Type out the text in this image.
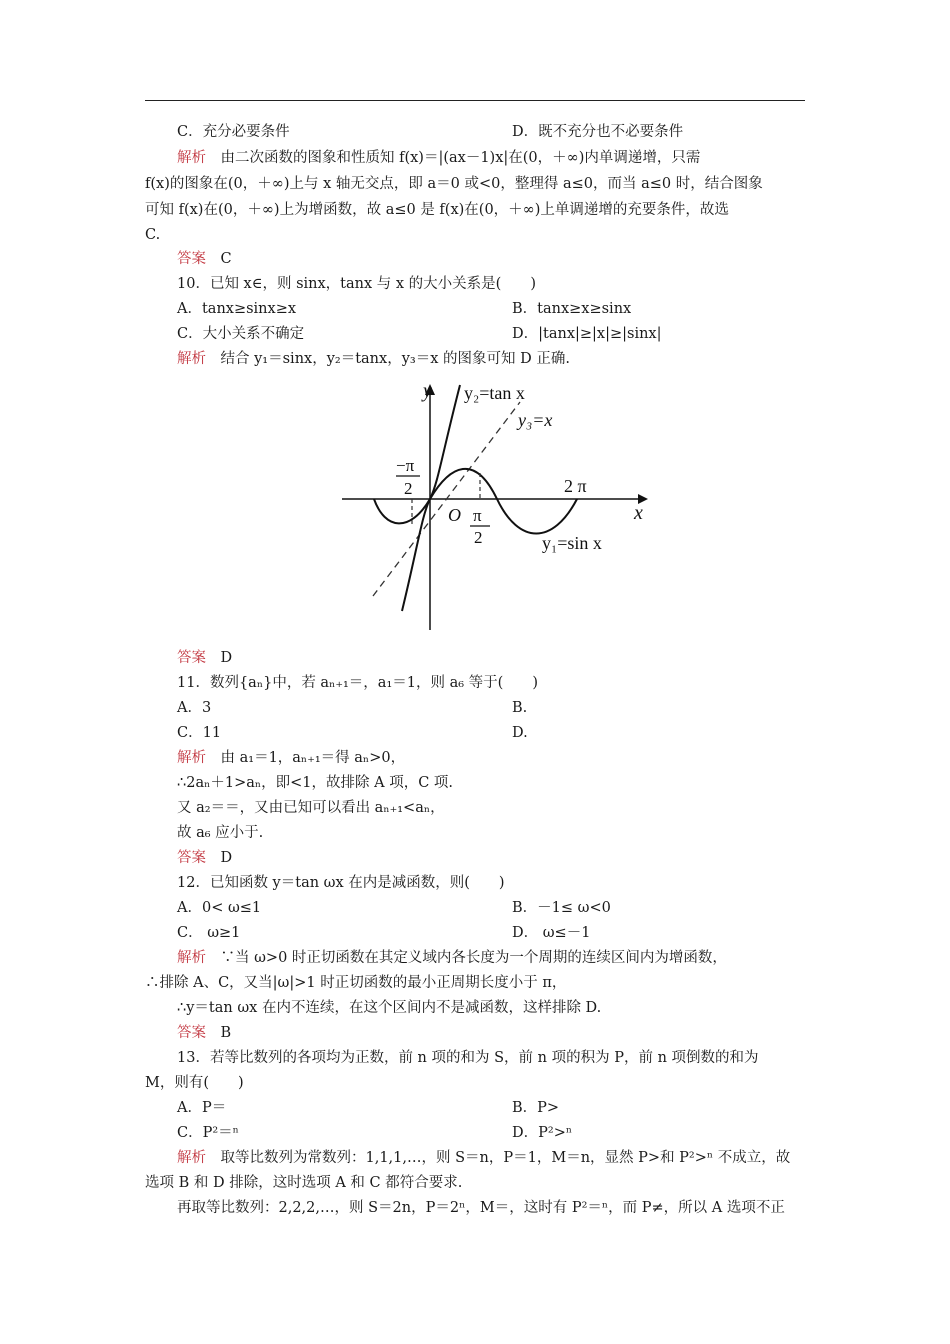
C．充分必要条件	D．既不充分也不必要条件
解析　 由二次函数的图象和性质知 f(x)＝|(ax－1)x|在(0，＋∞)内单调递增，只需
f(x)的图象在(0，＋∞)上与 x 轴无交点，即 a＝0 或<0，整理得 a≤0，而当 a≤0 时，结合图象
可知 f(x)在(0，＋∞)上为增函数，故 a≤0 是 f(x)在(0，＋∞)上单调递增的充要条件，故选
C.
答案　 C
10．已知 x∈，则 sinx，tanx 与 x 的大小关系是(　　)
A．tanx≥sinx≥x	B．tanx≥x≥sinx
C．大小关系不确定	D．|tanx|≥|x|≥|sinx|
解析　 结合 y₁＝sinx，y₂＝tanx，y₃＝x 的图象可知 D 正确.
y
x
O
y₂=tan x
y₃=x
y₁=sin x
−π
2
π
2
2 π
答案　 D
11．数列{aₙ}中，若 aₙ₊₁＝，a₁＝1，则 a₆ 等于(　　)
A．3	B.
C．11	D.
解析　 由 a₁＝1，aₙ₊₁＝得 aₙ>0，
∴2aₙ＋1>aₙ，即<1，故排除 A 项，C 项.
又 a₂＝＝，又由已知可以看出 aₙ₊₁<aₙ，
故 a₆ 应小于.
答案　 D
12．已知函数 y＝tan ωx 在内是减函数，则(　　)
A．0< ω≤1	B．－1≤ ω<0
C． ω≥1	D． ω≤－1
解析　 ∵当 ω>0 时正切函数在其定义域内各长度为一个周期的连续区间内为增函数，
∴排除 A、C，又当|ω|>1 时正切函数的最小正周期长度小于 π，
∴y＝tan ωx 在内不连续，在这个区间内不是减函数，这样排除 D.
答案　 B
13．若等比数列的各项均为正数，前 n 项的和为 S，前 n 项的积为 P，前 n 项倒数的和为
M，则有(　　)
A．P＝	B．P>
C．P²＝ⁿ	D．P²>ⁿ
解析　 取等比数列为常数列：1,1,1,…，则 S＝n，P＝1，M＝n，显然 P>和 P²>ⁿ 不成立，故
选项 B 和 D 排除，这时选项 A 和 C 都符合要求.
再取等比数列：2,2,2,…，则 S＝2n，P＝2ⁿ，M＝，这时有 P²＝ⁿ，而 P≠，所以 A 选项不正
